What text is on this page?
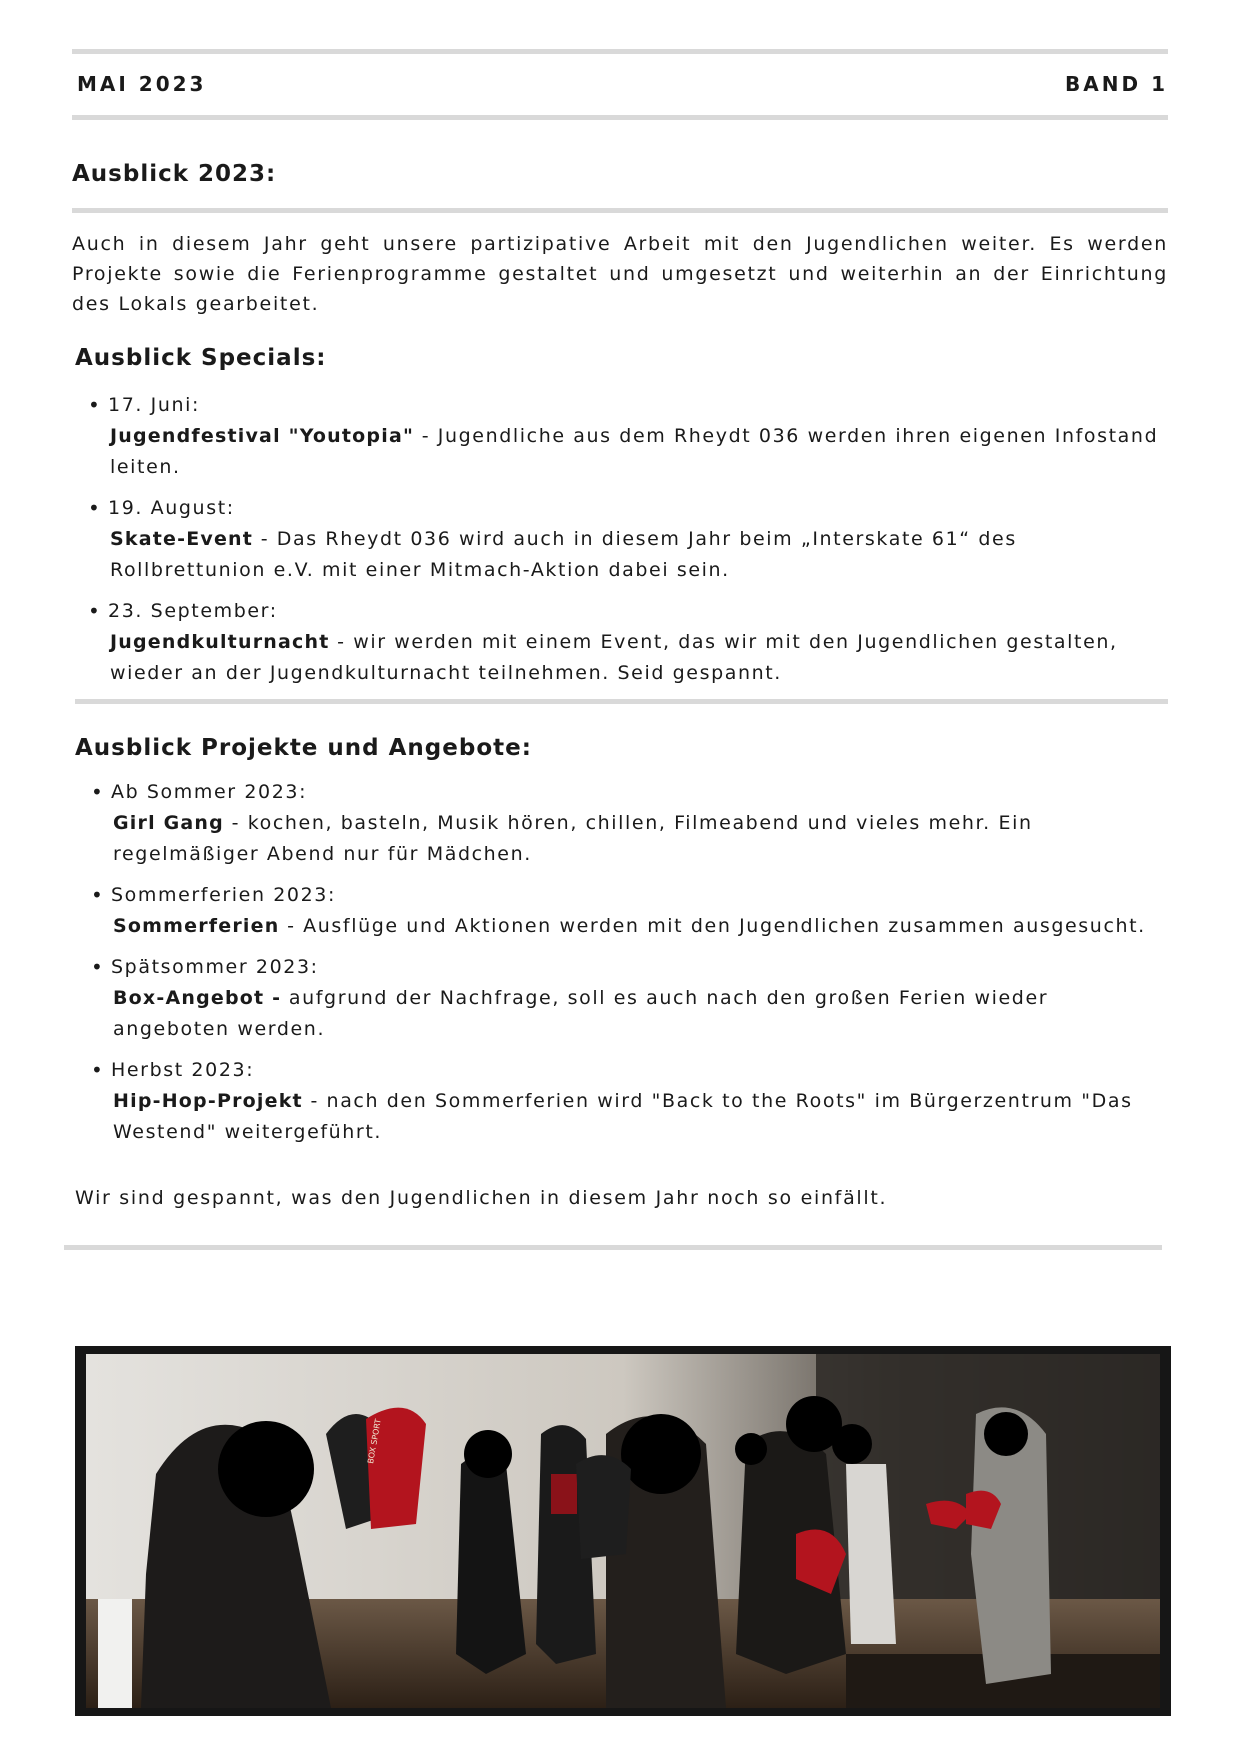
MAI 2023	BAND 1
Ausblick 2023:

Auch in diesem Jahr geht unsere partizipative Arbeit mit den Jugendlichen weiter. Es werden Projekte sowie die Ferienprogramme gestaltet und umgesetzt und weiterhin an der Einrichtung des Lokals gearbeitet.

Ausblick Specials:
• 17. Juni:
Jugendfestival "Youtopia" - Jugendliche aus dem Rheydt 036 werden ihren eigenen Infostand leiten.
• 19. August:
Skate-Event - Das Rheydt 036 wird auch in diesem Jahr beim „Interskate 61“ des Rollbrettunion e.V. mit einer Mitmach-Aktion dabei sein.
• 23. September:
Jugendkulturnacht - wir werden mit einem Event, das wir mit den Jugendlichen gestalten, wieder an der Jugendkulturnacht teilnehmen. Seid gespannt.
Ausblick Projekte und Angebote:
• Ab Sommer 2023:
Girl Gang - kochen, basteln, Musik hören, chillen, Filmeabend und vieles mehr. Ein regelmäßiger Abend nur für Mädchen.
• Sommerferien 2023:
Sommerferien - Ausflüge und Aktionen werden mit den Jugendlichen zusammen ausgesucht.
• Spätsommer 2023:
Box-Angebot - aufgrund der Nachfrage, soll es auch nach den großen Ferien wieder angeboten werden.
• Herbst 2023:
Hip-Hop-Projekt - nach den Sommerferien wird "Back to the Roots" im Bürgerzentrum "Das Westend" weitergeführt.

Wir sind gespannt, was den Jugendlichen in diesem Jahr noch so einfällt.

BOX SPORT
